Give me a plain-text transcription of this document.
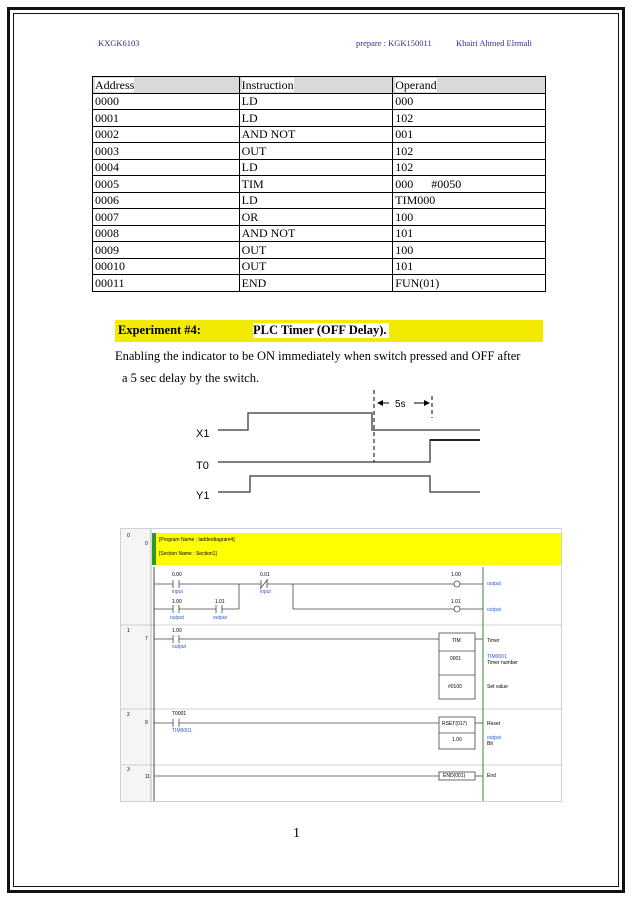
KXGK6103	prepare : KGK150011	Khairi Ahmed Elrmali
Address	Instruction	Operand
0000	LD	000
0001	LD	102
0002	AND NOT	001
0003	OUT	102
0004	LD	102
0005	TIM	000      #0050
0006	LD	TIM000
0007	OR	100
0008	AND NOT	101
0009	OUT	100
00010	OUT	101
00011	END	FUN(01)
Experiment #4:	PLC Timer (OFF Delay).
Enabling the indicator to be ON immediately when switch pressed and OFF after
a 5 sec delay by the switch.
5s
X1
T0
Y1
0
0
1
7
2
9
3
11
[Program Name : ladderdiagram4]
[Section Name : Section1]
0.00
input
0.01
input
1.00
output
1.01
output
1.00
output
1.01
output
1.00
output
TIM
0001
#0100
Timer
TIM0001
Timer number
Set value
T0001
TIM0001
RSET(017)
1.00
Reset
output
Bit
END(001)	End
1
